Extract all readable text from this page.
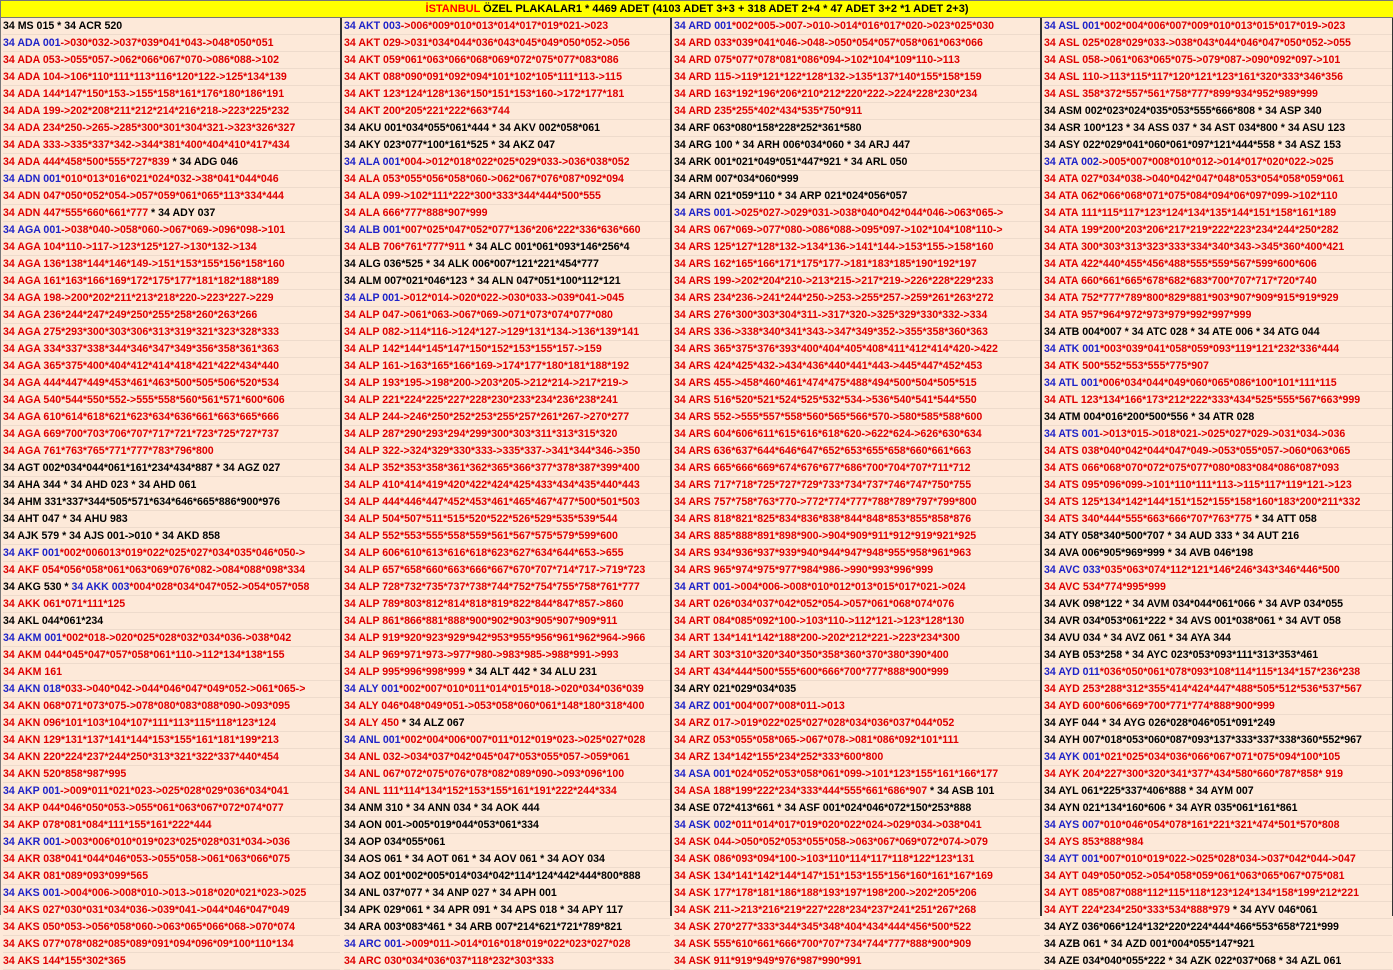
İSTANBUL ÖZEL PLAKALAR1 * 4469 ADET (4103 ADET 3+3 + 318 ADET 2+4 * 47 ADET 3+2 *1 ADET 2+3)
34 MS 015 * 34 ACR 520
34 ADA 001->030*032->037*039*041*043->048*050*051
34 ADA 053->055*057->062*066*067*070->086*088->102
34 ADA 104->106*110*111*113*116*120*122->125*134*139
34 ADA 144*147*150*153->155*158*161*176*180*186*191
34 ADA 199->202*208*211*212*214*216*218->223*225*232
34 ADA 234*250->265->285*300*301*304*321->323*326*327
34 ADA 333->335*337*342->344*381*400*404*410*417*434
34 ADA 444*458*500*555*727*839 * 34 ADG 046
34 ADN 001*010*013*016*021*024*032->38*041*044*046
34 ADN 047*050*052*054->057*059*061*065*113*334*444
34 ADN 447*555*660*661*777 * 34 ADY 037
34 AGA 001->038*040->058*060->067*069->096*098->101
34 AGA 104*110->117->123*125*127->130*132->134
34 AGA 136*138*144*146*149->151*153*155*156*158*160
34 AGA 161*163*166*169*172*175*177*181*182*188*189
34 AGA 198->200*202*211*213*218*220->223*227->229
34 AGA 236*244*247*249*250*255*258*260*263*266
34 AGA 275*293*300*303*306*313*319*321*323*328*333
34 AGA 334*337*338*344*346*347*349*356*358*361*363
34 AGA 365*375*400*404*412*414*418*421*422*434*440
34 AGA 444*447*449*453*461*463*500*505*506*520*534
34 AGA 540*544*550*552->555*558*560*561*571*600*606
34 AGA 610*614*618*621*623*634*636*661*663*665*666
34 AGA 669*700*703*706*707*717*721*723*725*727*737
34 AGA 761*763*765*771*777*783*796*800
34 AGT 002*034*044*061*161*234*434*887 * 34 AGZ 027
34 AHA 344 * 34 AHD 023 * 34 AHD 061
34 AHM 331*337*344*505*571*634*646*665*886*900*976
34 AHT 047 * 34 AHU 983
34 AJK 579 * 34 AJS 001->010 * 34 AKD 858
34 AKF 001*002*006013*019*022*025*027*034*035*046*050->
34 AKF 054*056*058*061*063*069*076*082->084*088*098*334
34 AKG 530 * 34 AKK 003*004*028*034*047*052->054*057*058
34 AKK 061*071*111*125
34 AKL 044*061*234
34 AKM 001*002*018->020*025*028*032*034*036->038*042
34 AKM 044*045*047*057*058*061*110->112*134*138*155
34 AKM 161
34 AKN 018*033->040*042->044*046*047*049*052->061*065->
34 AKN 068*071*073*075->078*080*083*088*090->093*095
34 AKN 096*101*103*104*107*111*113*115*118*123*124
34 AKN 129*131*137*141*144*153*155*161*181*199*213
34 AKN 220*224*237*244*250*313*321*322*337*440*454
34 AKN 520*858*987*995
34 AKP 001->009*011*021*023->025*028*029*036*034*041
34 AKP 044*046*050*053->055*061*063*067*072*074*077
34 AKP 078*081*084*111*155*161*222*444
34 AKR 001->003*006*010*019*023*025*028*031*034->036
34 AKR 038*041*044*046*053->055*058->061*063*066*075
34 AKR 081*089*093*099*565
34 AKS 001->004*006->008*010->013->018*020*021*023->025
34 AKS 027*030*031*034*036->039*041->044*046*047*049
34 AKS 050*053->056*058*060->063*065*066*068->070*074
34 AKS 077*078*082*085*089*091*094*096*09*100*110*134
34 AKS 144*155*302*365
34 AKT 003->006*009*010*013*014*017*019*021->023
34 AKT 029->031*034*044*036*043*045*049*050*052->056
34 AKT 059*061*063*066*068*069*072*075*077*083*086
34 AKT 088*090*091*092*094*101*102*105*111*113->115
34 AKT 123*124*128*136*150*151*153*160->172*177*181
34 AKT 200*205*221*222*663*744
34 AKU 001*034*055*061*444 * 34 AKV 002*058*061
34 AKY 023*077*100*161*525 * 34 AKZ 047
34 ALA 001*004->012*018*022*025*029*033->036*038*052
34 ALA 053*055*056*058*060->062*067*076*087*092*094
34 ALA 099->102*111*222*300*333*344*444*500*555
34 ALA 666*777*888*907*999
34 ALB 001*007*025*047*052*077*136*206*222*336*636*660
34 ALB 706*761*777*911 * 34 ALC 001*061*093*146*256*4
34 ALG 036*525 * 34 ALK 006*007*121*221*454*777
34 ALM 007*021*046*123 * 34 ALN 047*051*100*112*121
34 ALP 001->012*014->020*022->030*033->039*041->045
34 ALP 047->061*063->067*069->071*073*074*077*080
34 ALP 082->114*116->124*127->129*131*134->136*139*141
34 ALP 142*144*145*147*150*152*153*155*157->159
34 ALP 161->163*165*166*169->174*177*180*181*188*192
34 ALP 193*195->198*200->203*205->212*214->217*219->
34 ALP 221*224*225*227*228*230*233*234*236*238*241
34 ALP 244->246*250*252*253*255*257*261*267->270*277
34 ALP 287*290*293*294*299*300*303*311*313*315*320
34 ALP 322->324*329*330*333->335*337->341*344*346->350
34 ALP 352*353*358*361*362*365*366*377*378*387*399*400
34 ALP 410*414*419*420*422*424*425*433*434*435*440*443
34 ALP 444*446*447*452*453*461*465*467*477*500*501*503
34 ALP 504*507*511*515*520*522*526*529*535*539*544
34 ALP 552*553*555*558*559*561*567*575*579*599*600
34 ALP 606*610*613*616*618*623*627*634*644*653->655
34 ALP 657*658*660*663*666*667*670*707*714*717->719*723
34 ALP 728*732*735*737*738*744*752*754*755*758*761*777
34 ALP 789*803*812*814*818*819*822*844*847*857->860
34 ALP 861*866*881*888*900*902*903*905*907*909*911
34 ALP 919*920*923*929*942*953*955*956*961*962*964->966
34 ALP 969*971*973->977*980->983*985->988*991->993
34 ALP 995*996*998*999 * 34 ALT 442 * 34 ALU 231
34 ALY 001*002*007*010*011*014*015*018->020*034*036*039
34 ALY 046*048*049*051->053*058*060*061*148*180*318*400
34 ALY 450 * 34 ALZ 067
34 ANL 001*002*004*006*007*011*012*019*023->025*027*028
34 ANL 032->034*037*042*045*047*053*055*057->059*061
34 ANL 067*072*075*076*078*082*089*090->093*096*100
34 ANL 111*114*134*152*153*155*161*191*222*244*334
34 ANM 310 * 34 ANN 034 * 34 AOK 444
34 AON 001->005*019*044*053*061*334
34 AOP 034*055*061
34 AOS 061 * 34 AOT 061 * 34 AOV 061 * 34 AOY 034
34 AOZ 001*002*005*014*034*042*114*124*442*444*800*888
34 ANL 037*077 * 34 ANP 027 * 34 APH 001
34 APK 029*061 * 34 APR 091 * 34 APS 018 * 34 APY 117
34 ARA 003*083*461 * 34 ARB 007*214*621*721*789*821
34 ARC 001->009*011->014*016*018*019*022*023*027*028
34 ARC 030*034*036*037*118*232*303*333
34 ARD 001*002*005->007->010->014*016*017*020->023*025*030
34 ARD 033*039*041*046->048->050*054*057*058*061*063*066
34 ARD 075*077*078*081*086*094->102*104*109*110->113
34 ARD 115->119*121*122*128*132->135*137*140*155*158*159
34 ARD 163*192*196*206*210*212*220*222->224*228*230*234
34 ARD 235*255*402*434*535*750*911
34 ARF 063*080*158*228*252*361*580
34 ARG 100 * 34 ARH 006*034*060 * 34 ARJ 447
34 ARK 001*021*049*051*447*921 * 34 ARL 050
34 ARM 007*034*060*999
34 ARN 021*059*110 * 34 ARP 021*024*056*057
34 ARS 001->025*027->029*031->038*040*042*044*046->063*065->
34 ARS 067*069->077*080->086*088->095*097->102*104*108*110->
34 ARS 125*127*128*132->134*136->141*144->153*155->158*160
34 ARS 162*165*166*171*175*177->181*183*185*190*192*197
34 ARS 199->202*204*210->213*215->217*219->226*228*229*233
34 ARS 234*236->241*244*250->253->255*257->259*261*263*272
34 ARS 276*300*303*304*311->317*320->325*329*330*332->334
34 ARS 336->338*340*341*343->347*349*352->355*358*360*363
34 ARS 365*375*376*393*400*404*405*408*411*412*414*420->422
34 ARS 424*425*432->434*436*440*441*443->445*447*452*453
34 ARS 455->458*460*461*474*475*488*494*500*504*505*515
34 ARS 516*520*521*524*525*532*534->536*540*541*544*550
34 ARS 552->555*557*558*560*565*566*570->580*585*588*600
34 ARS 604*606*611*615*616*618*620->622*624->626*630*634
34 ARS 636*637*644*646*647*652*653*655*658*660*661*663
34 ARS 665*666*669*674*676*677*686*700*704*707*711*712
34 ARS 717*718*725*727*729*733*734*737*746*747*750*755
34 ARS 757*758*763*770->772*774*777*788*789*797*799*800
34 ARS 818*821*825*834*836*838*844*848*853*855*858*876
34 ARS 885*888*891*898*900->904*909*911*912*919*921*925
34 ARS 934*936*937*939*940*944*947*948*955*958*961*963
34 ARS 965*974*975*977*984*986->990*993*996*999
34 ART 001->004*006->008*010*012*013*015*017*021->024
34 ART 026*034*037*042*052*054->057*061*068*074*076
34 ART 084*085*092*100->103*110->112*121->123*128*130
34 ART 134*141*142*188*200->202*212*221->223*234*300
34 ART 303*310*320*340*350*358*360*370*380*390*400
34 ART 434*444*500*555*600*666*700*777*888*900*999
34 ARY 021*029*034*035
34 ARZ 001*004*007*008*011->013
34 ARZ 017->019*022*025*027*028*034*036*037*044*052
34 ARZ 053*055*058*065->067*078->081*086*092*101*111
34 ARZ 134*142*155*234*252*333*600*800
34 ASA 001*024*052*053*058*061*099->101*123*155*161*166*177
34 ASA 188*199*222*234*333*444*555*661*686*907 * 34 ASB 101
34 ASE 072*413*661 * 34 ASF 001*024*046*072*150*253*888
34 ASK 002*011*014*017*019*020*022*024->029*034->038*041
34 ASK 044->050*052*053*055*058->063*067*069*072*074->079
34 ASK 086*093*094*100->103*110*114*117*118*122*123*131
34 ASK 134*141*142*144*147*151*153*155*156*160*161*167*169
34 ASK 177*178*181*186*188*193*197*198*200->202*205*206
34 ASK 211->213*216*219*227*228*234*237*241*251*267*268
34 ASK 270*277*333*344*345*348*404*434*444*456*500*522
34 ASK 555*610*661*666*700*707*734*744*777*888*900*909
34 ASK 911*919*949*976*987*990*991
34 ASL 001*002*004*006*007*009*010*013*015*017*019->023
34 ASL 025*028*029*033->038*043*044*046*047*050*052->055
34 ASL 058->061*063*065*075->079*087->090*092*097->101
34 ASL 110->113*115*117*120*121*123*161*320*333*346*356
34 ASL 358*372*557*561*758*777*899*934*952*989*999
34 ASM 002*023*024*035*053*555*666*808 * 34 ASP 340
34 ASR 100*123 * 34 ASS 037 * 34 AST 034*800 * 34 ASU 123
34 ASY 022*029*041*060*061*097*121*444*558 * 34 ASZ 153
34 ATA 002->005*007*008*010*012->014*017*020*022->025
34 ATA 027*034*038->040*042*047*048*053*054*058*059*061
34 ATA 062*066*068*071*075*084*094*06*097*099->102*110
34 ATA 111*115*117*123*124*134*135*144*151*158*161*189
34 ATA 199*200*203*206*217*219*222*223*234*244*250*282
34 ATA 300*303*313*323*333*334*340*343->345*360*400*421
34 ATA 422*440*455*456*488*555*559*567*599*600*606
34 ATA 660*661*665*678*682*683*700*707*717*720*740
34 ATA 752*777*789*800*829*881*903*907*909*915*919*929
34 ATA 957*964*972*973*979*992*997*999
34 ATB 004*007 * 34 ATC 028 * 34 ATE 006 * 34 ATG 044
34 ATK 001*003*039*041*058*059*093*119*121*232*336*444
34 ATK 500*552*553*555*775*907
34 ATL 001*006*034*044*049*060*065*086*100*101*111*115
34 ATL 123*134*166*173*212*222*333*434*525*555*567*663*999
34 ATM 004*016*200*500*556 * 34 ATR 028
34 ATS 001->013*015->018*021->025*027*029->031*034->036
34 ATS 038*040*042*044*047*049->053*055*057->060*063*065
34 ATS 066*068*070*072*075*077*080*083*084*086*087*093
34 ATS 095*096*099->101*110*111*113->115*117*119*121->123
34 ATS 125*134*142*144*151*152*155*158*160*183*200*211*332
34 ATS 340*444*555*663*666*707*763*775 * 34 ATT 058
34 ATY 058*340*500*707 * 34 AUD 333 * 34 AUT 216
34 AVA 006*905*969*999 * 34 AVB 046*198
34 AVC 033*035*063*074*112*121*146*246*343*346*446*500
34 AVC 534*774*995*999
34 AVK 098*122 * 34 AVM 034*044*061*066 * 34 AVP 034*055
34 AVR 034*053*061*222 * 34 AVS 001*038*061 * 34 AVT 058
34 AVU 034 * 34 AVZ 061 * 34 AYA 344
34 AYB 053*258 * 34 AYC 023*053*093*111*313*353*461
34 AYD 011*036*050*061*078*093*108*114*115*134*157*236*238
34 AYD 253*288*312*355*414*424*447*488*505*512*536*537*567
34 AYD 600*606*669*700*771*774*888*900*999
34 AYF 044 * 34 AYG 026*028*046*051*091*249
34 AYH 007*018*053*060*087*093*137*333*337*338*360*552*967
34 AYK 001*021*025*034*036*066*067*071*075*094*100*105
34 AYK 204*227*300*320*341*377*434*580*660*787*858* 919
34 AYL 061*225*337*406*888 * 34 AYM 007
34 AYN 021*134*160*606 * 34 AYR 035*061*161*861
34 AYS 007*010*046*054*078*161*221*321*474*501*570*808
34 AYS 853*888*984
34 AYT 001*007*010*019*022->025*028*034->037*042*044->047
34 AYT 049*050*052->054*058*059*061*063*065*067*075*081
34 AYT 085*087*088*112*115*118*123*124*134*158*199*212*221
34 AYT 224*234*250*333*534*888*979 * 34 AYV 046*061
34 AYZ 036*066*124*132*220*224*444*466*553*658*721*999
34 AZB 061 * 34 AZD 001*004*055*147*921
34 AZE 034*040*055*222 * 34 AZK 022*037*068 * 34 AZL 061
